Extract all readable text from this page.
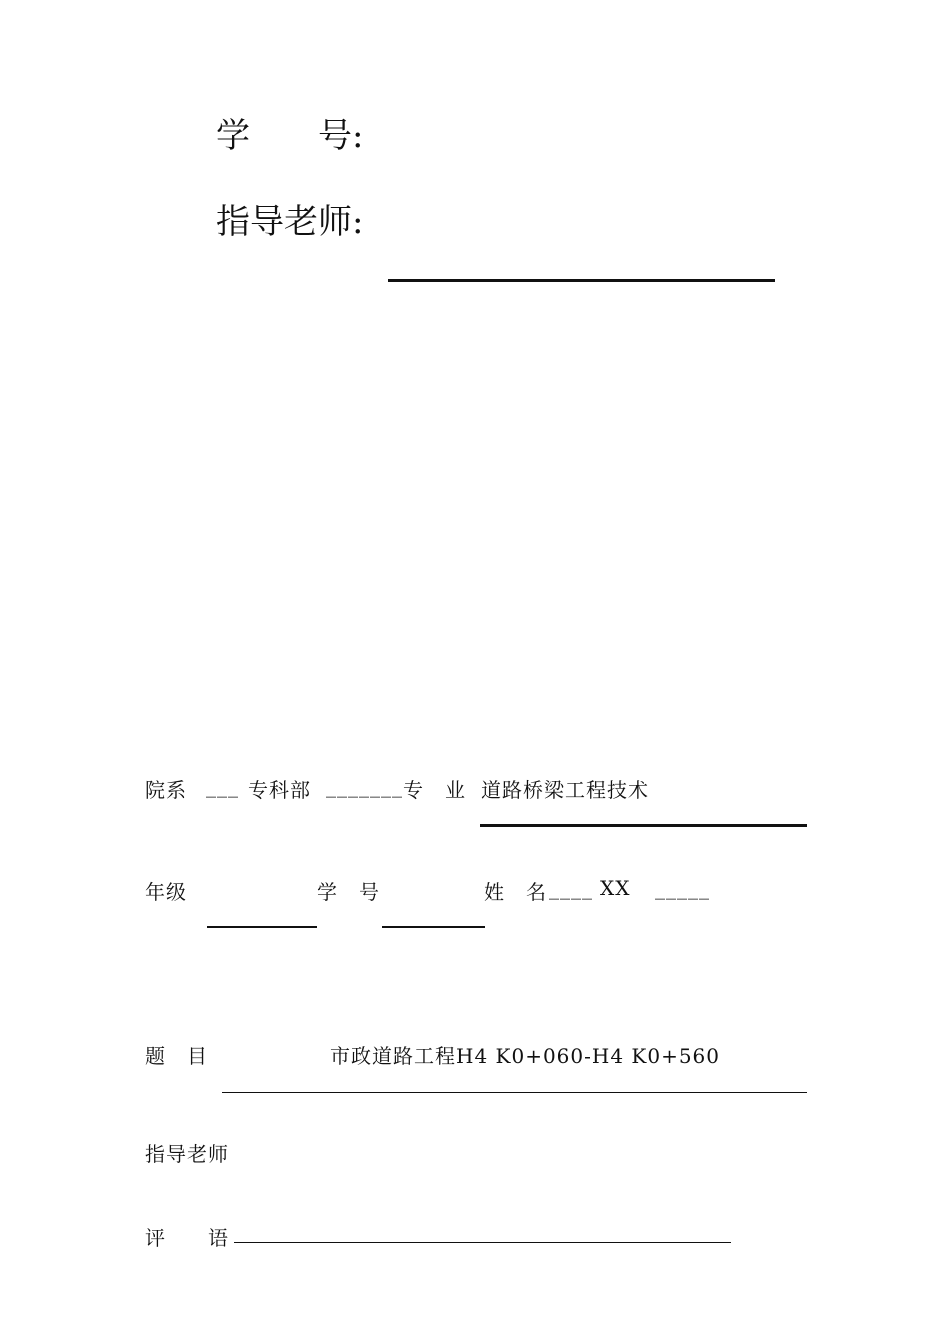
学　　号:
指导老师:
院系 ___ 专科部 _______ 专　业 道路桥梁工程技术
年级	学　号	姓　名 ____ XX _____
题　目	市政道路工程H4 K0+060-H4 K0+560
指导老师
评　　语
